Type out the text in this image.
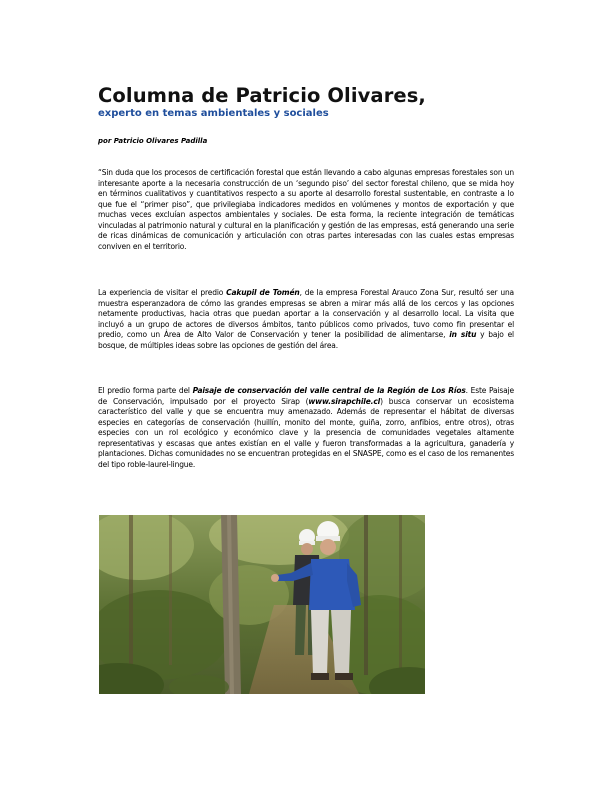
Columna de Patricio Olivares,
experto en temas ambientales y sociales
por Patricio Olivares Padilla

“Sin duda que los procesos de certificación forestal que están llevando a cabo algunas empresas forestales son un interesante aporte a la necesaria construcción de un ‘segundo piso’ del sector forestal chileno, que se mida hoy en términos cualitativos y cuantitativos respecto a su aporte al desarrollo forestal sustentable, en contraste a lo que fue el “primer piso”, que privilegiaba indicadores medidos en volúmenes y montos de exportación y que muchas veces excluían aspectos ambientales y sociales. De esta forma, la reciente integración de temáticas vinculadas al patrimonio natural y cultural en la planificación y gestión de las empresas, está generando una serie de ricas dinámicas de comunicación y articulación con otras partes interesadas con las cuales estas empresas conviven en el territorio.

La experiencia de visitar el predio Cakupil de Tomén, de la empresa Forestal Arauco Zona Sur, resultó ser una muestra esperanzadora de cómo las grandes empresas se abren a mirar más allá de los cercos y las opciones netamente productivas, hacia otras que puedan aportar a la conservación y al desarrollo local. La visita que incluyó a un grupo de actores de diversos ámbitos, tanto públicos como privados, tuvo como fin presentar el predio, como un Área de Alto Valor de Conservación y tener la posibilidad de alimentarse, in situ y bajo el bosque, de múltiples ideas sobre las opciones de gestión del área.

El predio forma parte del Paisaje de conservación del valle central de la Región de Los Ríos. Este Paisaje de Conservación, impulsado por el proyecto Sirap (www.sirapchile.cl) busca conservar un ecosistema característico del valle y que se encuentra muy amenazado. Además de representar el hábitat de diversas especies en categorías de conservación (huillín, monito del monte, guiña, zorro, anfibios, entre otros), otras especies con un rol ecológico y económico clave y la presencia de comunidades vegetales altamente representativas y escasas que antes existían en el valle y fueron transformadas a la agricultura, ganadería y plantaciones. Dichas comunidades no se encuentran protegidas en el SNASPE, como es el caso de los remanentes del tipo roble-laurel-lingue.
